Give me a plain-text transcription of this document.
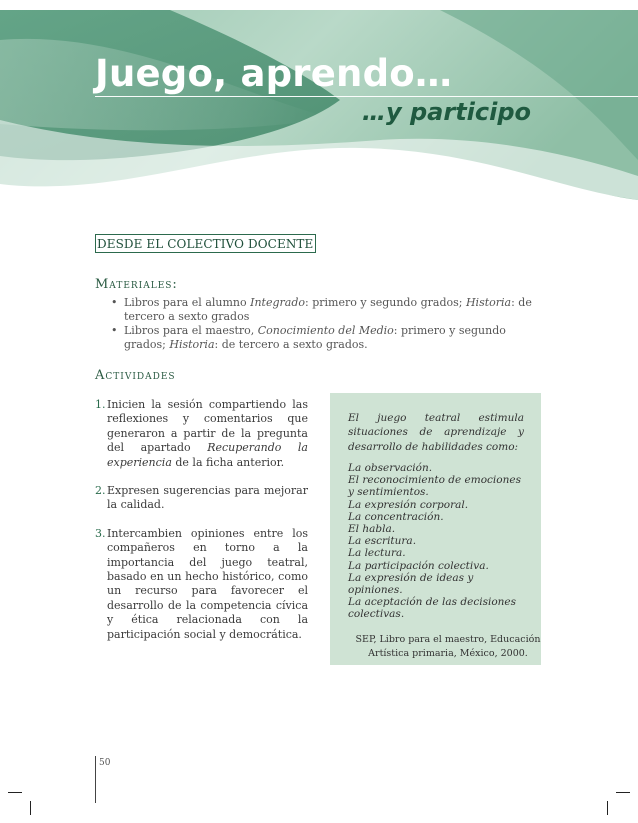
Juego, aprendo…
…y participo
DESDE EL COLECTIVO DOCENTE
Materiales:
• Libros para el alumno Integrado: primero y segundo grados; Historia: de tercero a sexto grados
• Libros para el maestro, Conocimiento del Medio: primero y segundo grados; Historia: de tercero a sexto grados.
Actividades
1. Inicien la sesión compartiendo las reflexiones y comentarios que generaron a partir de la pregunta del apartado Recuperando la experiencia de la ficha anterior.
2. Expresen sugerencias para mejorar la calidad.
3. Intercambien opiniones entre los compañeros en torno a la importancia del juego teatral, basado en un hecho histórico, como un recurso para favorecer el desarrollo de la competencia cívica y ética relacionada con la participación social y democrática.
El juego teatral estimula situaciones de aprendizaje y desarrollo de habilidades como:
La observación.
El reconocimiento de emociones y sentimientos.
La expresión corporal.
La concentración.
El habla.
La escritura.
La lectura.
La participación colectiva.
La expresión de ideas y opiniones.
La aceptación de las decisiones colectivas.
SEP, Libro para el maestro, Educación
Artística primaria, México, 2000.
50
